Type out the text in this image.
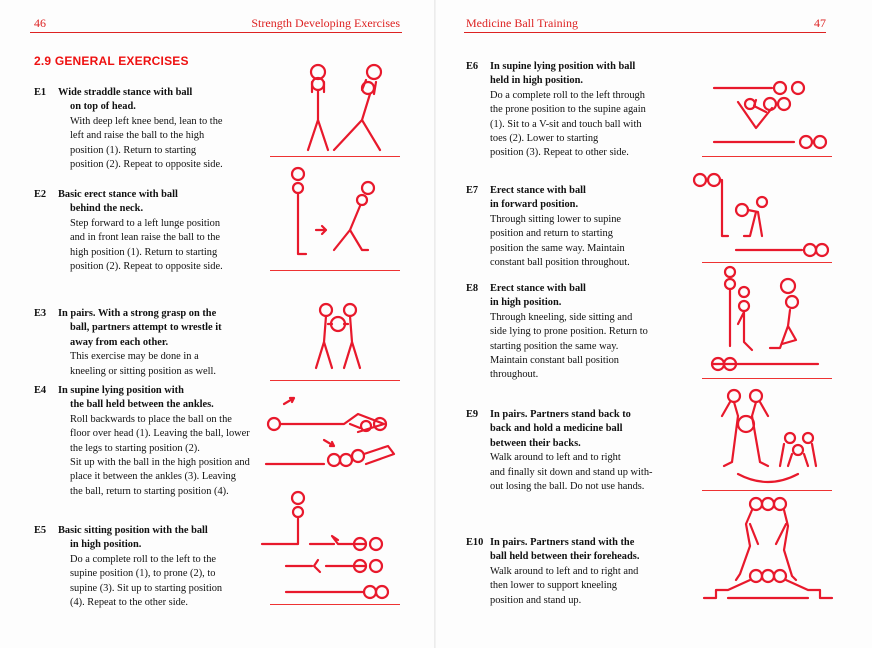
46	Strength Developing Exercises
2.9 GENERAL EXERCISES
E1 Wide straddle stance with ball
on top of head.
With deep left knee bend, lean to the
left and raise the ball to the high
position (1). Return to starting
position (2). Repeat to opposite side.
E2 Basic erect stance with ball
behind the neck.
Step forward to a left lunge position
and in front lean raise the ball to the
high position (1). Return to starting
position (2). Repeat to opposite side.
E3 In pairs. With a strong grasp on the
ball, partners attempt to wrestle it
away from each other.
This exercise may be done in a
kneeling or sitting position as well.
E4 In supine lying position with
the ball held between the ankles.
Roll backwards to place the ball on the
floor over head (1). Leaving the ball, lower
the legs to starting position (2).
Sit up with the ball in the high position and
place it between the ankles (3). Leaving
the ball, return to starting position (4).
E5 Basic sitting position with the ball
in high position.
Do a complete roll to the left to the
supine position (1), to prone (2), to
supine (3). Sit up to starting position
(4). Repeat to the other side.
Medicine Ball Training	47
E6 In supine lying position with ball
held in high position.
Do a complete roll to the left through
the prone position to the supine again
(1). Sit to a V-sit and touch ball with
toes (2). Lower to starting
position (3). Repeat to other side.
E7 Erect stance with ball
in forward position.
Through sitting lower to supine
position and return to starting
position the same way. Maintain
constant ball position throughout.
E8 Erect stance with ball
in high position.
Through kneeling, side sitting and
side lying to prone position. Return to
starting position the same way.
Maintain constant ball position
throughout.
E9 In pairs. Partners stand back to
back and hold a medicine ball
between their backs.
Walk around to left and to right
and finally sit down and stand up with-
out losing the ball. Do not use hands.
E10 In pairs. Partners stand with the
ball held between their foreheads.
Walk around to left and to right and
then lower to support kneeling
position and stand up.
